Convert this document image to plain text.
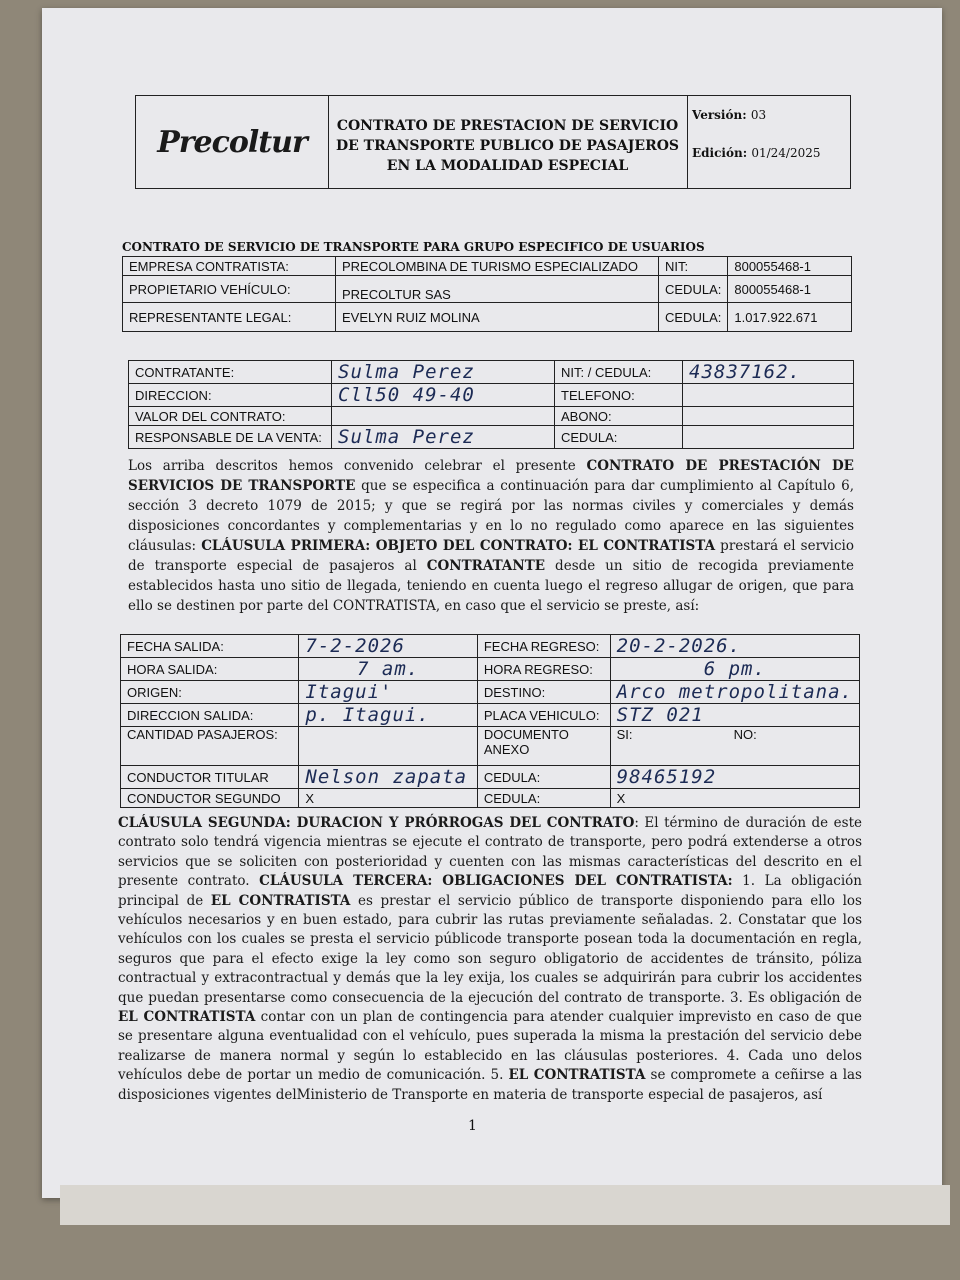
Precoltur	CONTRATO DE PRESTACION DE SERVICIO
DE TRANSPORTE PUBLICO DE PASAJEROS
EN LA MODALIDAD ESPECIAL
Versión: 03
Edición: 01/24/2025
CONTRATO DE SERVICIO DE TRANSPORTE PARA GRUPO ESPECIFICO DE USUARIOS
EMPRESA CONTRATISTA:	PRECOLOMBINA DE TURISMO ESPECIALIZADO	NIT:	800055468-1
PROPIETARIO VEHÍCULO:	PRECOLTUR SAS	CEDULA:	800055468-1
REPRESENTANTE LEGAL:	EVELYN RUIZ MOLINA	CEDULA:	1.017.922.671
CONTRATANTE:	Sulma Perez	NIT: / CEDULA:	43837162.
DIRECCION:	Cll50 49-40	TELEFONO:	
VALOR DEL CONTRATO:		ABONO:	
RESPONSABLE DE LA VENTA:	Sulma Perez	CEDULA:	
Los arriba descritos hemos convenido celebrar el presente CONTRATO DE PRESTACIÓN DE SERVICIOS DE TRANSPORTE que se especifica a continuación para dar cumplimiento al Capítulo 6, sección 3 decreto 1079 de 2015; y que se regirá por las normas civiles y comerciales y demás disposiciones concordantes y complementarias y en lo no regulado como aparece en las siguientes cláusulas: CLÁUSULA PRIMERA: OBJETO DEL CONTRATO: EL CONTRATISTA prestará el servicio de transporte especial de pasajeros al CONTRATANTE desde un sitio de recogida previamente establecidos hasta uno sitio de llegada, teniendo en cuenta luego el regreso allugar de origen, que para ello se destinen por parte del CONTRATISTA, en caso que el servicio se preste, así:
FECHA SALIDA:	7-2-2026	FECHA REGRESO:	20-2-2026.	
HORA SALIDA:	7 am.	HORA REGRESO:	6 pm.	
ORIGEN:	Itagui'	DESTINO:	Arco metropolitana.	
DIRECCION SALIDA:	p. Itagui.	PLACA VEHICULO:	STZ 021	
CANTIDAD PASAJEROS:		DOCUMENTO ANEXO	SI:	NO:
CONDUCTOR TITULAR	Nelson zapata	CEDULA:	98465192	
CONDUCTOR SEGUNDO	X	CEDULA:	X	
CLÁUSULA SEGUNDA: DURACION Y PRÓRROGAS DEL CONTRATO: El término de duración de este contrato solo tendrá vigencia mientras se ejecute el contrato de transporte, pero podrá extenderse a otros servicios que se soliciten con posterioridad y cuenten con las mismas características del descrito en el presente contrato. CLÁUSULA TERCERA: OBLIGACIONES DEL CONTRATISTA: 1. La obligación principal de EL CONTRATISTA es prestar el servicio público de transporte disponiendo para ello los vehículos necesarios y en buen estado, para cubrir las rutas previamente señaladas. 2. Constatar que los vehículos con los cuales se presta el servicio públicode transporte posean toda la documentación en regla, seguros que para el efecto exige la ley como son seguro obligatorio de accidentes de tránsito, póliza contractual y extracontractual y demás que la ley exija, los cuales se adquirirán para cubrir los accidentes que puedan presentarse como consecuencia de la ejecución del contrato de transporte. 3. Es obligación de EL CONTRATISTA contar con un plan de contingencia para atender cualquier imprevisto en caso de que se presentare alguna eventualidad con el vehículo, pues superada la misma la prestación del servicio debe realizarse de manera normal y según lo establecido en las cláusulas posteriores. 4. Cada uno delos vehículos debe de portar un medio de comunicación. 5. EL CONTRATISTA se compromete a ceñirse a las disposiciones vigentes delMinisterio de Transporte en materia de transporte especial de pasajeros, así
1
